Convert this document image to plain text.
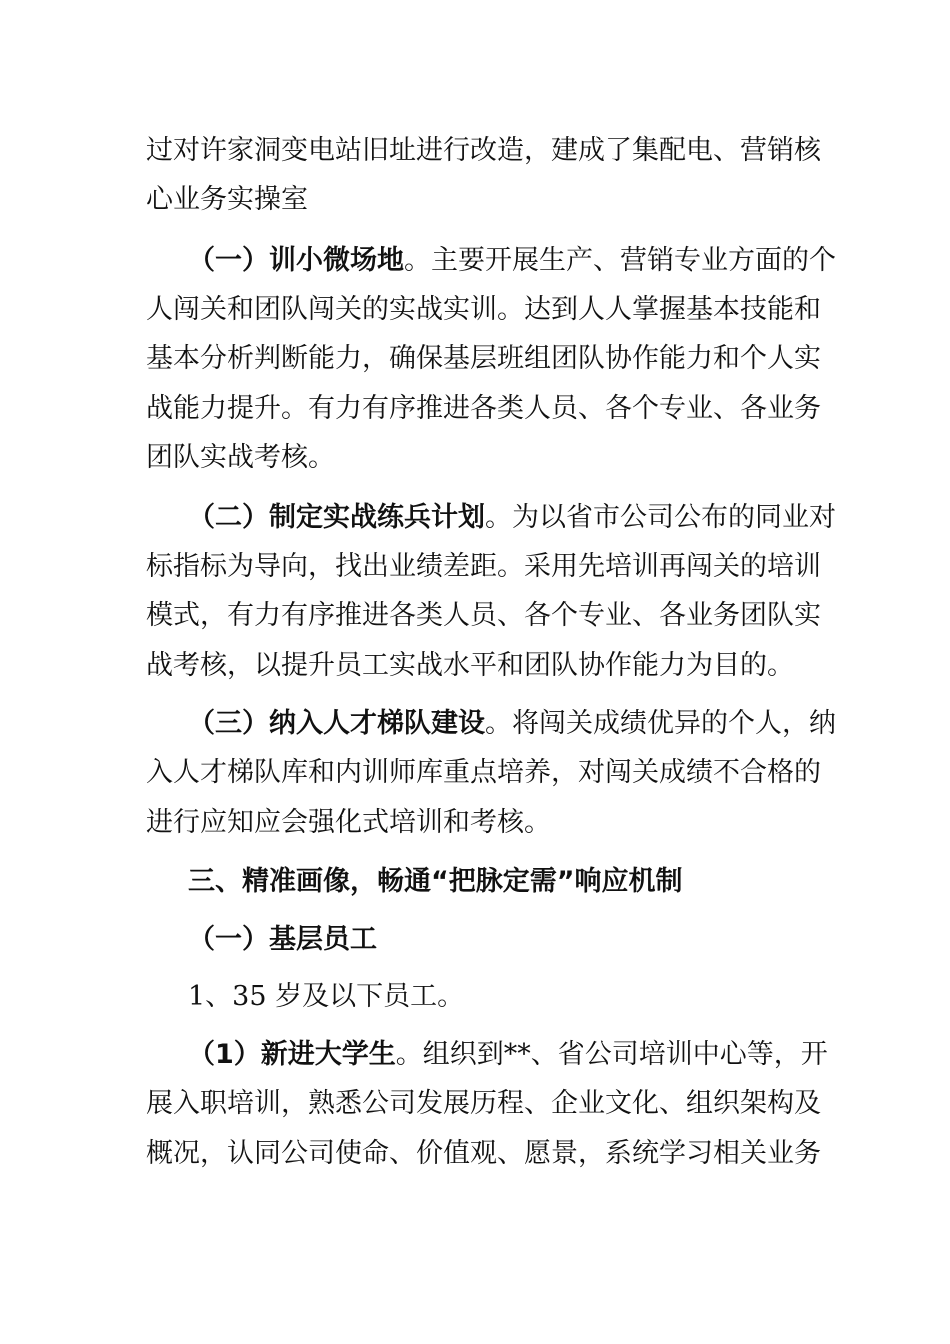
过对许家洞变电站旧址进行改造，建成了集配电、营销核
心业务实操室
（一）训小微场地。主要开展生产、营销专业方面的个
人闯关和团队闯关的实战实训。达到人人掌握基本技能和
基本分析判断能力，确保基层班组团队协作能力和个人实
战能力提升。有力有序推进各类人员、各个专业、各业务
团队实战考核。
（二）制定实战练兵计划。为以省市公司公布的同业对
标指标为导向，找出业绩差距。采用先培训再闯关的培训
模式，有力有序推进各类人员、各个专业、各业务团队实
战考核，以提升员工实战水平和团队协作能力为目的。
（三）纳入人才梯队建设。将闯关成绩优异的个人，纳
入人才梯队库和内训师库重点培养，对闯关成绩不合格的
进行应知应会强化式培训和考核。
三、精准画像，畅通“把脉定需”响应机制
（一）基层员工
1、35 岁及以下员工。
（1）新进大学生。组织到**、省公司培训中心等，开
展入职培训，熟悉公司发展历程、企业文化、组织架构及
概况，认同公司使命、价值观、愿景，系统学习相关业务
